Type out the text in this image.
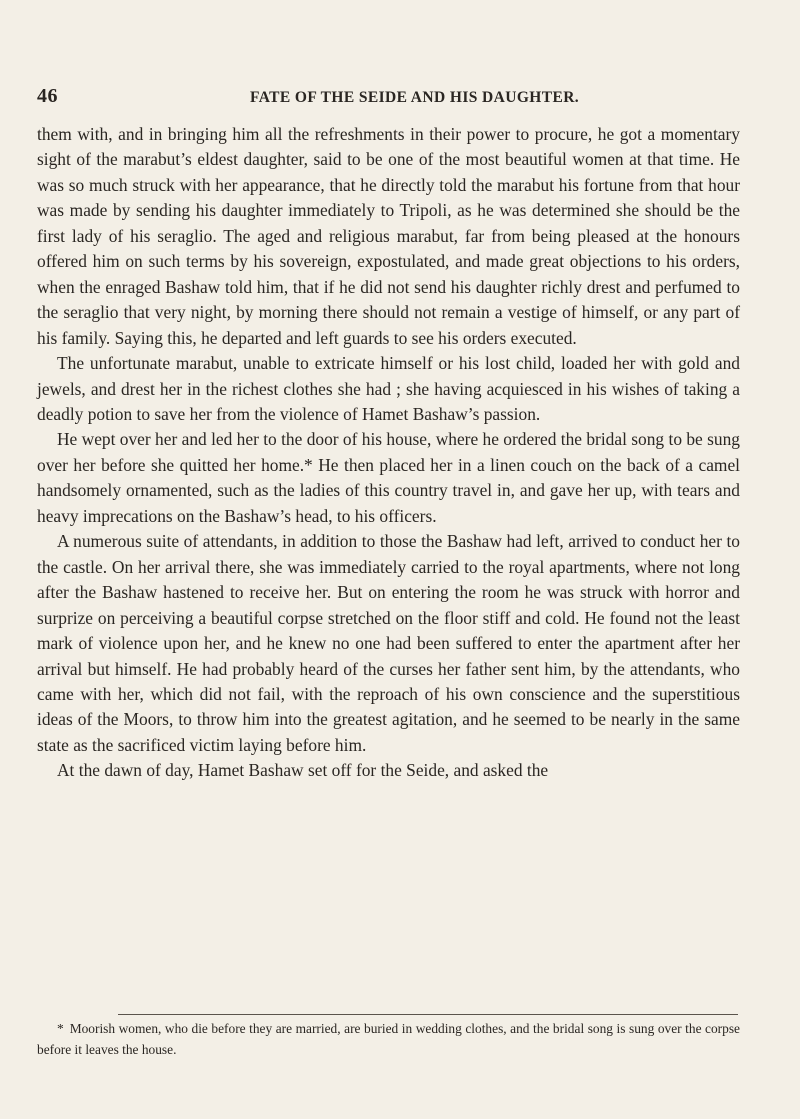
46	FATE OF THE SEIDE AND HIS DAUGHTER.

them with, and in bringing him all the refreshments in their power to procure, he got a momentary sight of the marabut’s eldest daughter, said to be one of the most beautiful women at that time. He was so much struck with her appearance, that he directly told the marabut his fortune from that hour was made by sending his daughter immediately to Tripoli, as he was determined she should be the first lady of his seraglio. The aged and religious marabut, far from being pleased at the honours offered him on such terms by his sovereign, expostulated, and made great objections to his orders, when the enraged Bashaw told him, that if he did not send his daughter richly drest and perfumed to the seraglio that very night, by morning there should not remain a vestige of himself, or any part of his family. Saying this, he departed and left guards to see his orders executed.

The unfortunate marabut, unable to extricate himself or his lost child, loaded her with gold and jewels, and drest her in the richest clothes she had ; she having acquiesced in his wishes of taking a deadly potion to save her from the violence of Hamet Bashaw’s passion.

He wept over her and led her to the door of his house, where he ordered the bridal song to be sung over her before she quitted her home.* He then placed her in a linen couch on the back of a camel handsomely ornamented, such as the ladies of this country travel in, and gave her up, with tears and heavy imprecations on the Bashaw’s head, to his officers.

A numerous suite of attendants, in addition to those the Bashaw had left, arrived to conduct her to the castle. On her arrival there, she was immediately carried to the royal apartments, where not long after the Bashaw hastened to receive her. But on entering the room he was struck with horror and surprize on perceiving a beautiful corpse stretched on the floor stiff and cold. He found not the least mark of violence upon her, and he knew no one had been suffered to enter the apartment after her arrival but himself. He had probably heard of the curses her father sent him, by the attendants, who came with her, which did not fail, with the reproach of his own conscience and the superstitious ideas of the Moors, to throw him into the greatest agitation, and he seemed to be nearly in the same state as the sacrificed victim laying before him.

At the dawn of day, Hamet Bashaw set off for the Seide, and asked the

* Moorish women, who die before they are married, are buried in wedding clothes, and the bridal song is sung over the corpse before it leaves the house.
